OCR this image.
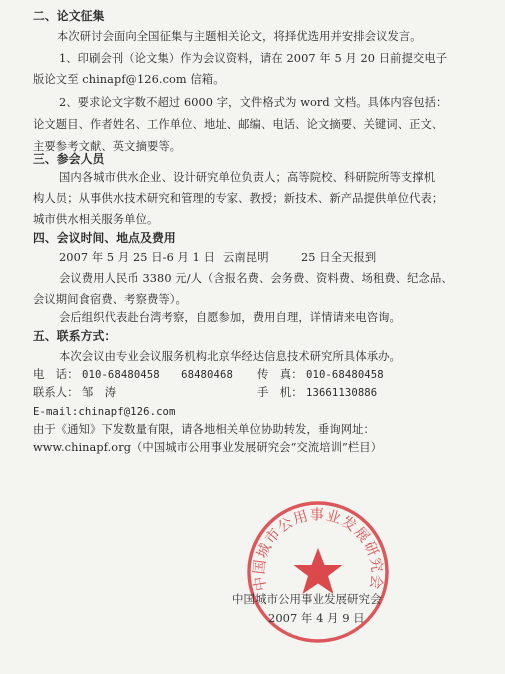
二、论文征集
本次研讨会面向全国征集与主题相关论文，将择优选用并安排会议发言。
1、印刷会刊（论文集）作为会议资料，请在 2007 年 5 月 20 日前提交电子
版论文至 chinapf@126.com 信箱。
2、要求论文字数不超过 6000 字，文件格式为 word 文档。具体内容包括：
论文题目、作者姓名、工作单位、地址、邮编、电话、论文摘要、关键词、正文、
主要参考文献、英文摘要等。
三、参会人员
国内各城市供水企业、设计研究单位负责人；高等院校、科研院所等支撑机
构人员；从事供水技术研究和管理的专家、教授；新技术、新产品提供单位代表；
城市供水相关服务单位。
四、会议时间、地点及费用
2007 年 5 月 25 日-6 月 1 日 云南昆明	25 日全天报到
会议费用人民币 3380 元/人（含报名费、会务费、资料费、场租费、纪念品、
会议期间食宿费、考察费等）。
会后组织代表赴台湾考察，自愿参加，费用自理，详情请来电咨询。
五、联系方式：
本次会议由专业会议服务机构北京华经达信息技术研究所具体承办。
电　话： 010-68480458　　68480468 传　真： 010-68480458
联系人： 邹　涛	手　机： 13661130886
E-mail:chinapf@126.com
由于《通知》下发数量有限，请各地相关单位协助转发，垂询网址：
www.chinapf.org（中国城市公用事业发展研究会“交流培训”栏目）
中国城市公用事业发展研究会
中国城市公用事业发展研究会
2007 年 4 月 9 日
